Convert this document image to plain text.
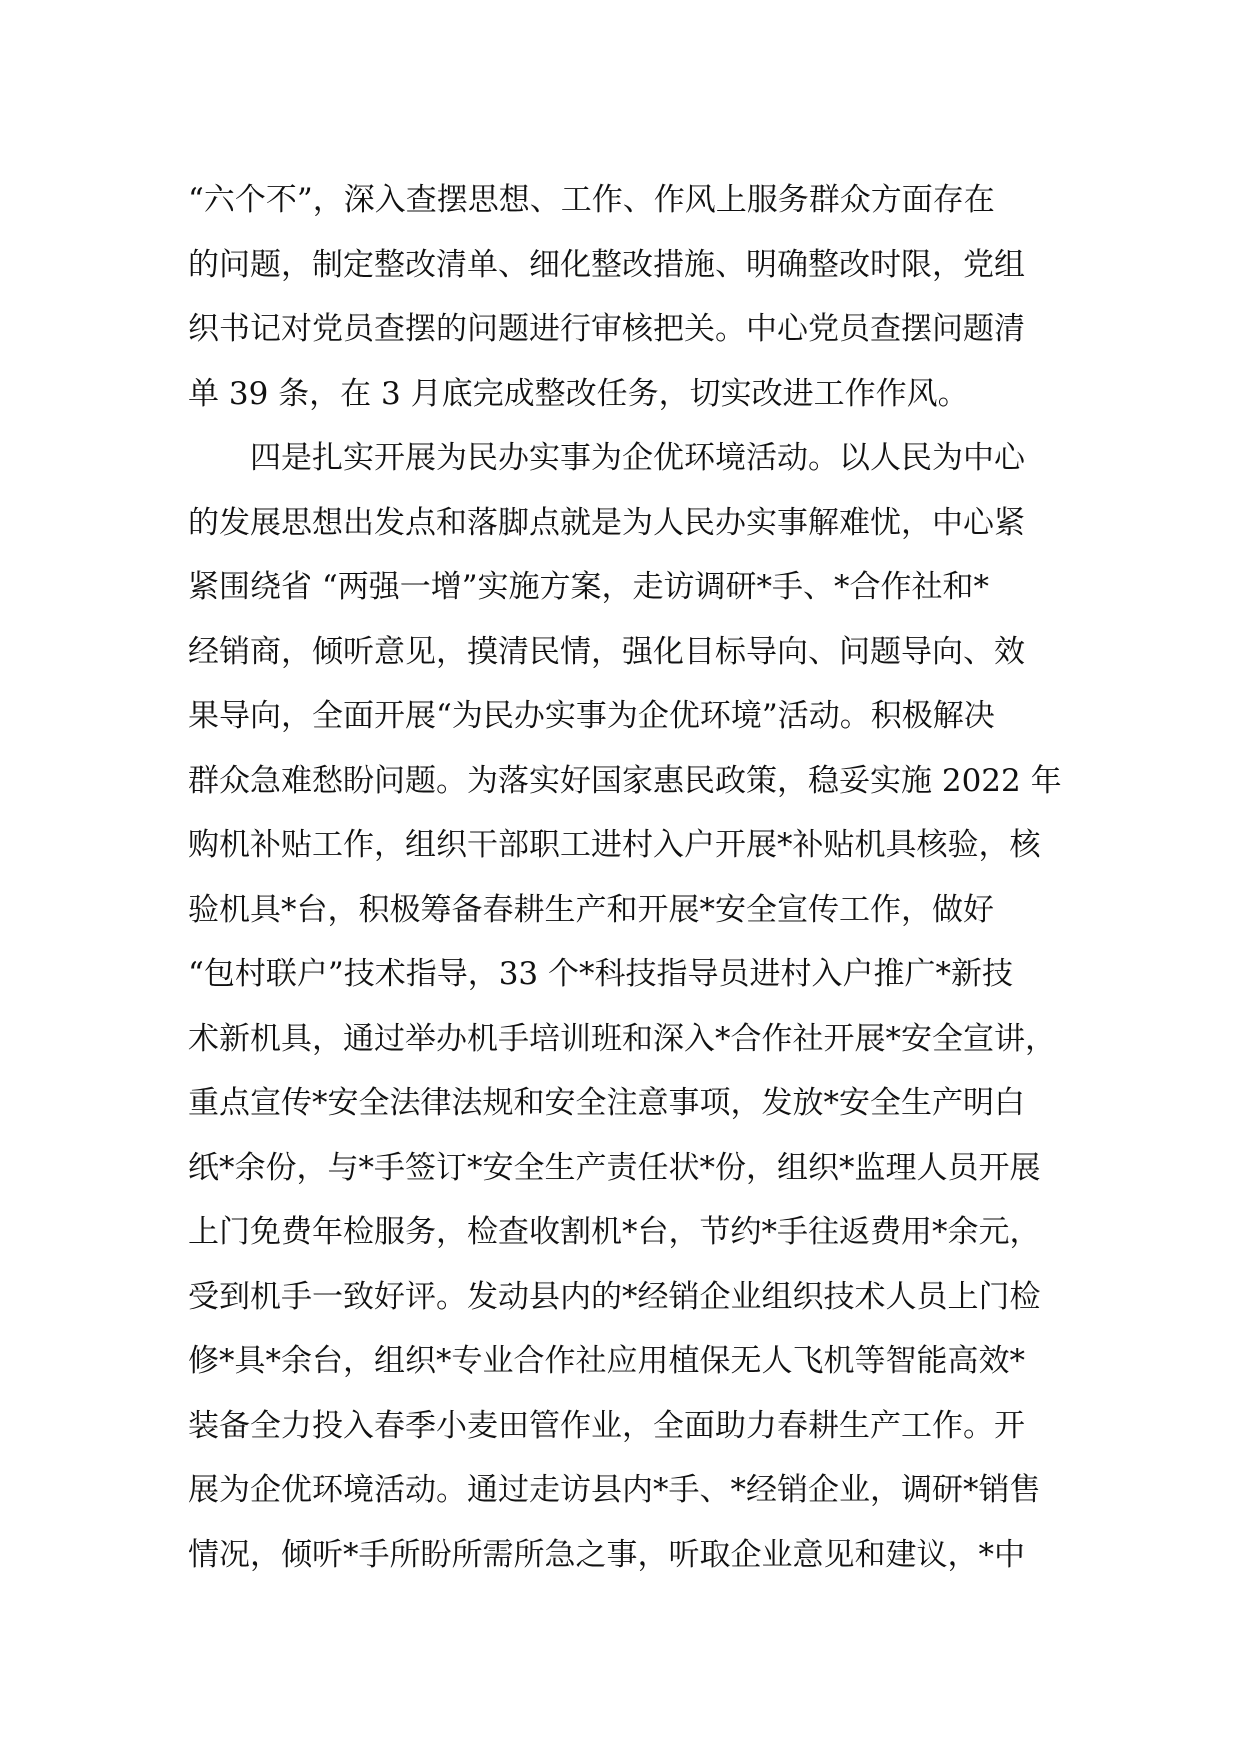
“六个不”，深入查摆思想、工作、作风上服务群众方面存在
的问题，制定整改清单、细化整改措施、明确整改时限，党组
织书记对党员查摆的问题进行审核把关。中心党员查摆问题清
单 39 条，在 3 月底完成整改任务，切实改进工作作风。
四是扎实开展为民办实事为企优环境活动。以人民为中心
的发展思想出发点和落脚点就是为人民办实事解难忧，中心紧
紧围绕省 “两强一增”实施方案，走访调研*手、*合作社和*
经销商，倾听意见，摸清民情，强化目标导向、问题导向、效
果导向，全面开展“为民办实事为企优环境”活动。积极解决
群众急难愁盼问题。为落实好国家惠民政策，稳妥实施 2022 年
购机补贴工作，组织干部职工进村入户开展*补贴机具核验，核
验机具*台，积极筹备春耕生产和开展*安全宣传工作，做好
“包村联户”技术指导，33 个*科技指导员进村入户推广*新技
术新机具，通过举办机手培训班和深入*合作社开展*安全宣讲，
重点宣传*安全法律法规和安全注意事项，发放*安全生产明白
纸*余份，与*手签订*安全生产责任状*份，组织*监理人员开展
上门免费年检服务，检查收割机*台，节约*手往返费用*余元，
受到机手一致好评。发动县内的*经销企业组织技术人员上门检
修*具*余台，组织*专业合作社应用植保无人飞机等智能高效*
装备全力投入春季小麦田管作业，全面助力春耕生产工作。开
展为企优环境活动。通过走访县内*手、*经销企业，调研*销售
情况，倾听*手所盼所需所急之事，听取企业意见和建议，*中
